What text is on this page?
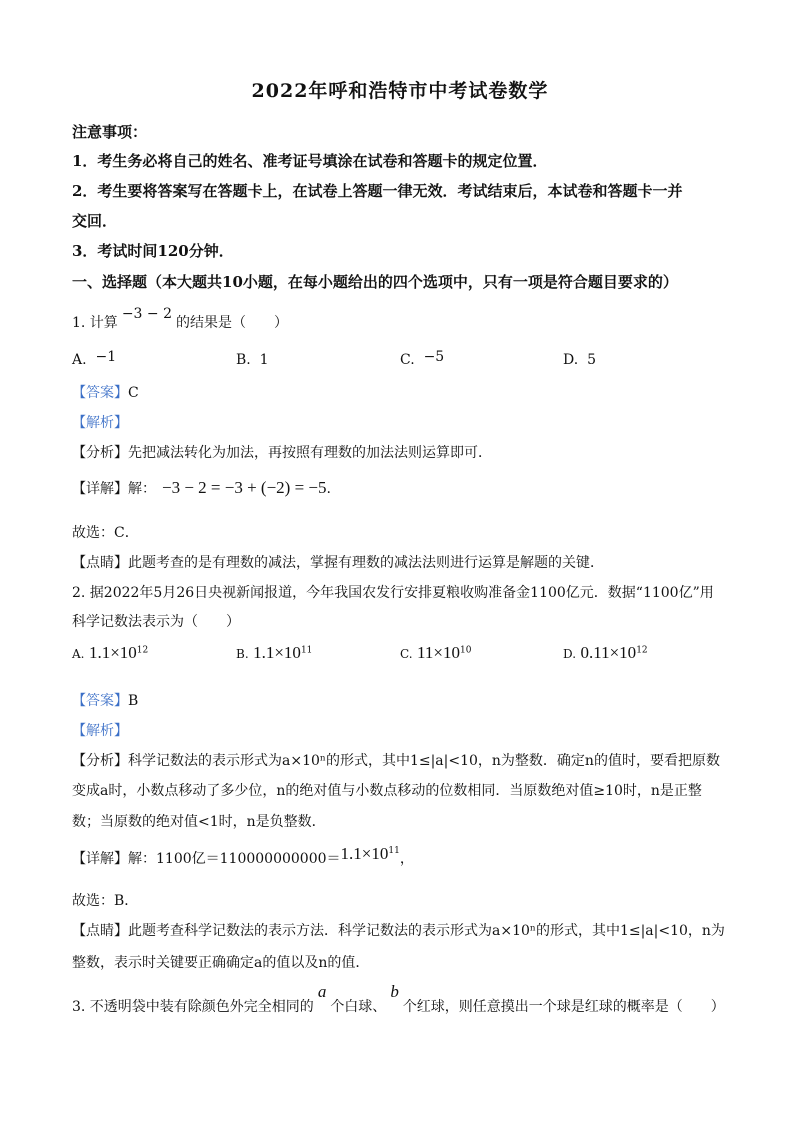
2022年呼和浩特市中考试卷数学
注意事项：
1．考生务必将自己的姓名、准考证号填涂在试卷和答题卡的规定位置．
2．考生要将答案写在答题卡上，在试卷上答题一律无效．考试结束后，本试卷和答题卡一并
交回．
3．考试时间120分钟．
一、选择题（本大题共10小题，在每小题给出的四个选项中，只有一项是符合题目要求的）
1. 计算−3 − 2的结果是（　　）
A. −1	B. 1	C. −5	D. 5
【答案】C
【解析】
【分析】先把减法转化为加法，再按照有理数的加法法则运算即可．
【详解】解： −3 − 2 = −3 + (−2) = −5.
故选：C．
【点睛】此题考查的是有理数的减法，掌握有理数的减法法则进行运算是解题的关键．
2. 据2022年5月26日央视新闻报道，今年我国农发行安排夏粮收购准备金1100亿元．数据“1100亿”用
科学记数法表示为（　　）
A. $1.1\times 10^{12}$	B. $1.1\times 10^{11}$	C. $11\times 10^{10}$	D. $0.11\times 10^{12}$
【答案】B
【解析】
【分析】科学记数法的表示形式为a×10ⁿ的形式，其中1≤|a|<10，n为整数．确定n的值时，要看把原数
变成a时，小数点移动了多少位，n的绝对值与小数点移动的位数相同．当原数绝对值≥10时，n是正整
数；当原数的绝对值<1时，n是负整数．
【详解】解：1100亿$=110000000000=1.1\times 10^{11}$，
故选：B．
【点睛】此题考查科学记数法的表示方法．科学记数法的表示形式为a×10ⁿ的形式，其中1≤|a|<10，n为
整数，表示时关键要正确确定a的值以及n的值．
3. 不透明袋中装有除颜色外完全相同的a个白球、b个红球，则任意摸出一个球是红球的概率是（　　）
